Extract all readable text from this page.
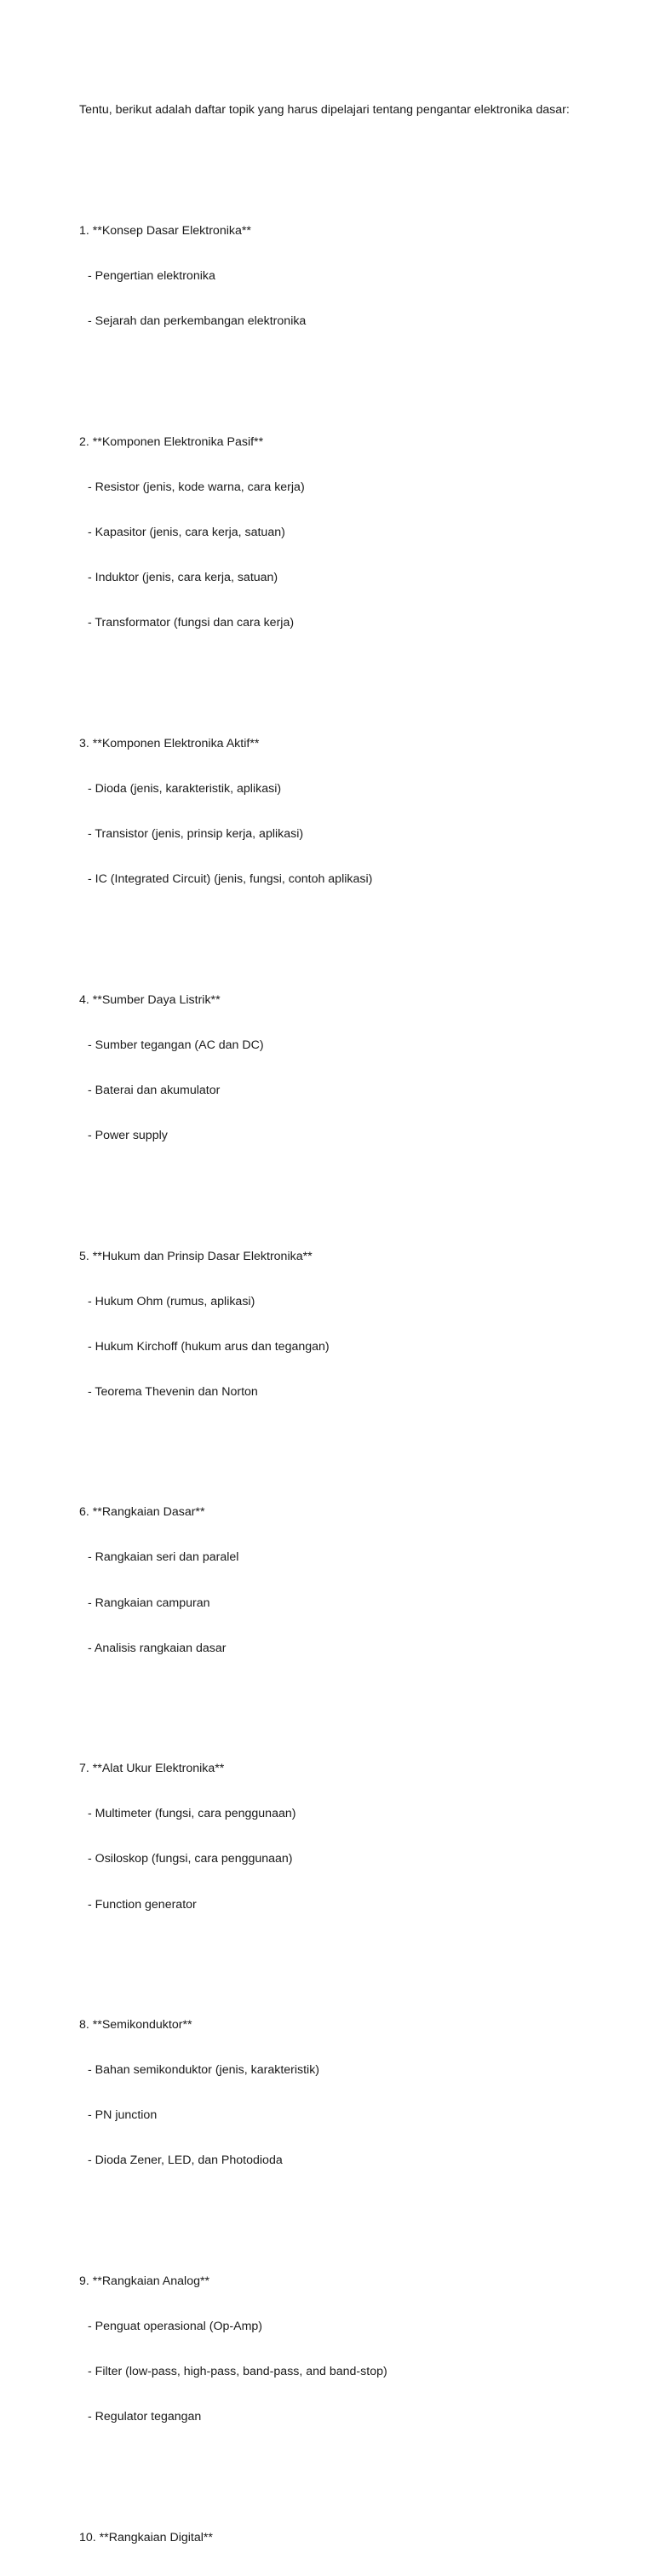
Tentu, berikut adalah daftar topik yang harus dipelajari tentang pengantar elektronika dasar:

1. **Konsep Dasar Elektronika**

- Pengertian elektronika

- Sejarah dan perkembangan elektronika

2. **Komponen Elektronika Pasif**

- Resistor (jenis, kode warna, cara kerja)

- Kapasitor (jenis, cara kerja, satuan)

- Induktor (jenis, cara kerja, satuan)

- Transformator (fungsi dan cara kerja)

3. **Komponen Elektronika Aktif**

- Dioda (jenis, karakteristik, aplikasi)

- Transistor (jenis, prinsip kerja, aplikasi)

- IC (Integrated Circuit) (jenis, fungsi, contoh aplikasi)

4. **Sumber Daya Listrik**

- Sumber tegangan (AC dan DC)

- Baterai dan akumulator

- Power supply

5. **Hukum dan Prinsip Dasar Elektronika**

- Hukum Ohm (rumus, aplikasi)

- Hukum Kirchoff (hukum arus dan tegangan)

- Teorema Thevenin dan Norton

6. **Rangkaian Dasar**

- Rangkaian seri dan paralel

- Rangkaian campuran

- Analisis rangkaian dasar

7. **Alat Ukur Elektronika**

- Multimeter (fungsi, cara penggunaan)

- Osiloskop (fungsi, cara penggunaan)

- Function generator

8. **Semikonduktor**

- Bahan semikonduktor (jenis, karakteristik)

- PN junction

- Dioda Zener, LED, dan Photodioda

9. **Rangkaian Analog**

- Penguat operasional (Op-Amp)

- Filter (low-pass, high-pass, band-pass, and band-stop)

- Regulator tegangan

10. **Rangkaian Digital**
